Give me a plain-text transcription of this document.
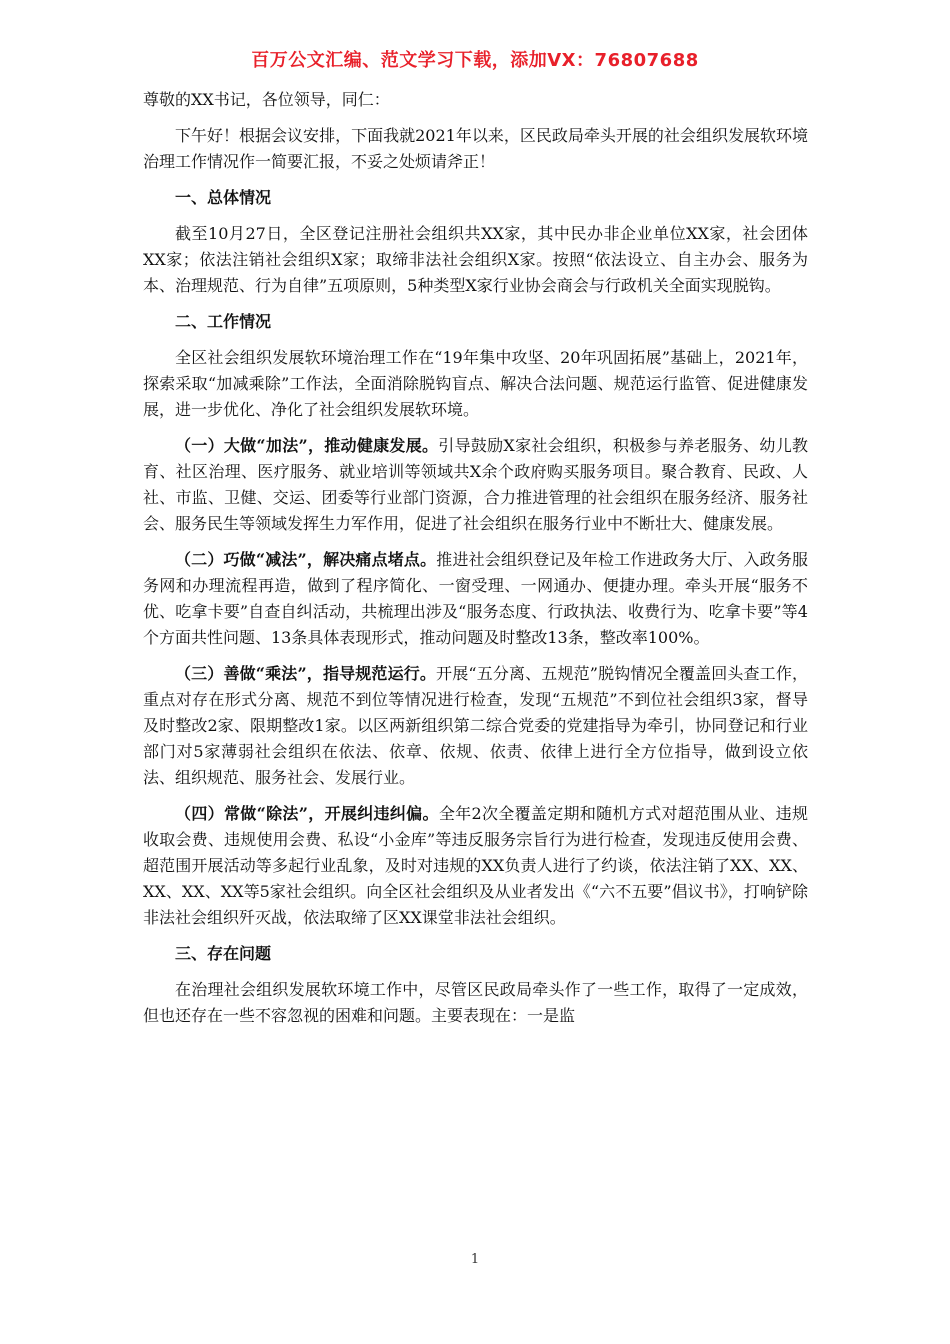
百万公文汇编、范文学习下载，添加VX：76807688

尊敬的XX书记，各位领导，同仁：

下午好！根据会议安排，下面我就2021年以来，区民政局牵头开展的社会组织发展软环境治理工作情况作一简要汇报，不妥之处烦请斧正！

一、总体情况

截至10月27日，全区登记注册社会组织共XX家，其中民办非企业单位XX家，社会团体XX家；依法注销社会组织X家；取缔非法社会组织X家。按照“依法设立、自主办会、服务为本、治理规范、行为自律”五项原则，5种类型X家行业协会商会与行政机关全面实现脱钩。

二、工作情况

全区社会组织发展软环境治理工作在“19年集中攻坚、20年巩固拓展”基础上，2021年，探索采取“加减乘除”工作法，全面消除脱钩盲点、解决合法问题、规范运行监管、促进健康发展，进一步优化、净化了社会组织发展软环境。

（一）大做“加法”，推动健康发展。引导鼓励X家社会组织，积极参与养老服务、幼儿教育、社区治理、医疗服务、就业培训等领域共X余个政府购买服务项目。聚合教育、民政、人社、市监、卫健、交运、团委等行业部门资源，合力推进管理的社会组织在服务经济、服务社会、服务民生等领域发挥生力军作用，促进了社会组织在服务行业中不断壮大、健康发展。

（二）巧做“减法”，解决痛点堵点。推进社会组织登记及年检工作进政务大厅、入政务服务网和办理流程再造，做到了程序简化、一窗受理、一网通办、便捷办理。牵头开展“服务不优、吃拿卡要”自查自纠活动，共梳理出涉及“服务态度、行政执法、收费行为、吃拿卡要”等4个方面共性问题、13条具体表现形式，推动问题及时整改13条，整改率100%。

（三）善做“乘法”，指导规范运行。开展“五分离、五规范”脱钩情况全覆盖回头查工作，重点对存在形式分离、规范不到位等情况进行检查，发现“五规范”不到位社会组织3家，督导及时整改2家、限期整改1家。以区两新组织第二综合党委的党建指导为牵引，协同登记和行业部门对5家薄弱社会组织在依法、依章、依规、依责、依律上进行全方位指导，做到设立依法、组织规范、服务社会、发展行业。

（四）常做“除法”，开展纠违纠偏。全年2次全覆盖定期和随机方式对超范围从业、违规收取会费、违规使用会费、私设“小金库”等违反服务宗旨行为进行检查，发现违反使用会费、超范围开展活动等多起行业乱象，及时对违规的XX负责人进行了约谈，依法注销了XX、XX、XX、XX、XX等5家社会组织。向全区社会组织及从业者发出《“六不五要”倡议书》，打响铲除非法社会组织歼灭战，依法取缔了区XX课堂非法社会组织。

三、存在问题

在治理社会组织发展软环境工作中，尽管区民政局牵头作了一些工作，取得了一定成效，但也还存在一些不容忽视的困难和问题。主要表现在：一是监

1
